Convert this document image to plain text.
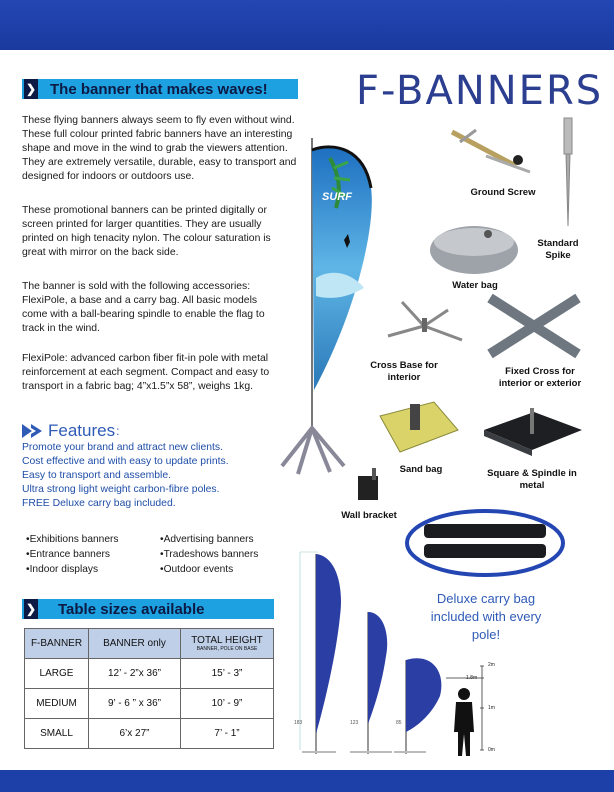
❯ The banner that makes waves! F-BANNERS

These flying banners always seem to fly even without wind. These full colour printed fabric banners have an interesting shape and move in the wind to grab the viewers attention. They are extremely versatile, durable, easy to transport and designed for indoors or outdoors use.

These promotional banners can be printed digitally or screen printed for larger quantities. They are usually printed on high tenacity nylon. The colour saturation is great with mirror on the back side.

The banner is sold with the following accessories: FlexiPole, a base and a carry bag. All basic models come with a ball-bearing spindle to enable the flag to track in the wind.

FlexiPole: advanced carbon fiber fit-in pole with metal reinforcement at each segment. Compact and easy to transport in a fabric bag; 4”x1.5”x 58”, weighs 1kg.

Features :
Promote your brand and attract new clients.
Cost effective and with easy to update prints.
Easy to transport and assemble.
Ultra strong light weight carbon-fibre poles.
FREE Deluxe carry bag included.
•Exhibitions banners
•Entrance banners
•Indoor displays
•Advertising banners
•Tradeshows banners
•Outdoor events
❯ Table sizes available
F-BANNER	BANNER only	TOTAL HEIGHT
BANNER, POLE ON BASE

LARGE	12’ - 2”x 36”	15’ - 3”
MEDIUM	9’ - 6 ” x 36”	10’ - 9”
SMALL	6’x 27”	7’ - 1”
SURF	Ground Screw
Standard Spike
Water bag
Cross Base for interior
Fixed Cross for interior or exterior
·
Sand bag	Square & Spindle in metal
Wall bracket
Deluxe carry bag included with every pole!
2m
1.8m
1m
0m
183	123	85
